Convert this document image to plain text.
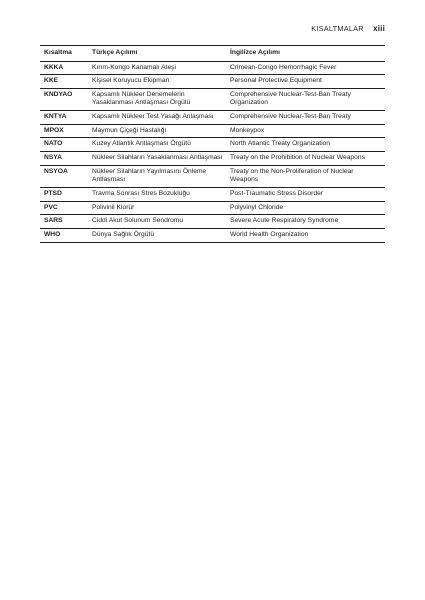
KISALTMALAR xiii
Kısaltma	Türkçe Açılımı	İngilizce Açılımı
KKKA	Kırım-Kongo Kanamalı Ateşi	Crimean-Congo Hemorrhagic Fever
KKE	Kişisel Koruyucu Ekipman	Personal Protective Equipment
KNDYAO	Kapsamlı Nükleer Denemelerin Yasaklanması Antlaşması Örgütü	Comprehensive Nuclear-Test-Ban Treaty Organization
KNTYA	Kapsamlı Nükleer Test Yasağı Anlaşması	Comprehensive Nuclear-Test-Ban Treaty
MPOX	Maymun Çiçeği Hastalığı	Monkeypox
NATO	Kuzey Atlantik Antlaşması Örgütü	North Atlantic Treaty Organization
NSYA	Nükleer Silahların Yasaklanması Antlaşması	Treaty on the Prohibition of Nuclear Weapons
NSYOA	Nükleer Silahların Yayılmasını Önleme Antlaşması	Treaty on the Non-Proliferation of Nuclear Weapons
PTSD	Travma Sonrası Stres Bozukluğu	Post-Traumatic Stress Disorder
PVC	Polivinil Klorür	Polyvinyl Chloride
SARS	Ciddi Akut Solunum Sendromu	Severe Acute Respiratory Syndrome
WHO	Dünya Sağlık Örgütü	World Health Organization
